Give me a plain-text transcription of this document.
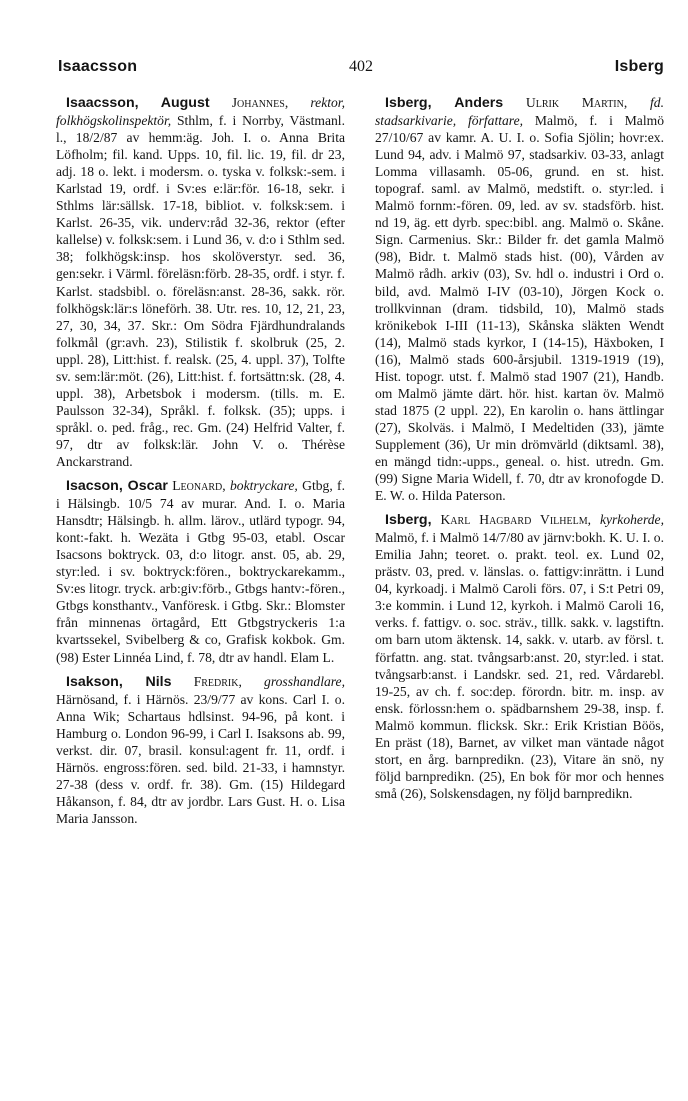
Isaacsson	402	Isberg

Isaacsson, August Johannes, rektor, folkhögskolinspektör, Sthlm, f. i Norrby, Västmanl. l., 18/2/87 av hemm:äg. Joh. I. o. Anna Brita Löfholm; fil. kand. Upps. 10, fil. lic. 19, fil. dr 23, adj. 18 o. lekt. i modersm. o. tyska v. folksk:-sem. i Karlstad 19, ordf. i Sv:es e:lär:för. 16-18, sekr. i Sthlms lär:sällsk. 17-18, bibliot. v. folksk:sem. i Karlst. 26-35, vik. underv:råd 32-36, rektor (efter kallelse) v. folksk:sem. i Lund 36, v. d:o i Sthlm sed. 38; folkhögsk:insp. hos skolöverstyr. sed. 36, gen:sekr. i Värml. föreläsn:förb. 28-35, ordf. i styr. f. Karlst. stadsbibl. o. föreläsn:anst. 28-36, sakk. rör. folkhögsk:lär:s löneförh. 38. Utr. res. 10, 12, 21, 23, 27, 30, 34, 37. Skr.: Om Södra Fjärdhundralands folkmål (gr:avh. 23), Stilistik f. skolbruk (25, 2. uppl. 28), Litt:hist. f. realsk. (25, 4. uppl. 37), Tolfte sv. sem:lär:möt. (26), Litt:hist. f. fortsättn:sk. (28, 4. uppl. 38), Arbetsbok i modersm. (tills. m. E. Paulsson 32-34), Språkl. f. folksk. (35); upps. i språkl. o. ped. fråg., rec. Gm. (24) Helfrid Valter, f. 97, dtr av folksk:lär. John V. o. Thérèse Anckarstrand.

Isacson, Oscar Leonard, boktryckare, Gtbg, f. i Hälsingb. 10/5 74 av murar. And. I. o. Maria Hansdtr; Hälsingb. h. allm. lärov., utlärd typogr. 94, kont:-fakt. h. Wezäta i Gtbg 95-03, etabl. Oscar Isacsons boktryck. 03, d:o litogr. anst. 05, ab. 29, styr:led. i sv. boktryck:fören., boktryckarekamm., Sv:es litogr. tryck. arb:giv:förb., Gtbgs hantv:-fören., Gtbgs konsthantv., Vanföresk. i Gtbg. Skr.: Blomster från minnenas örtagård, Ett Gtbgstryckeris 1:a kvartssekel, Svibelberg & co, Grafisk kokbok. Gm. (98) Ester Linnéa Lind, f. 78, dtr av handl. Elam L.

Isakson, Nils Fredrik, grosshandlare, Härnösand, f. i Härnös. 23/9/77 av kons. Carl I. o. Anna Wik; Schartaus hdlsinst. 94-96, på kont. i Hamburg o. London 96-99, i Carl I. Isaksons ab. 99, verkst. dir. 07, brasil. konsul:agent fr. 11, ordf. i Härnös. engross:fören. sed. bild. 21-33, i hamnstyr. 27-38 (dess v. ordf. fr. 38). Gm. (15) Hildegard Håkanson, f. 84, dtr av jordbr. Lars Gust. H. o. Lisa Maria Jansson.

Isberg, Anders Ulrik Martin, fd. stadsarkivarie, författare, Malmö, f. i Malmö 27/10/67 av kamr. A. U. I. o. Sofia Sjölin; hovr:ex. Lund 94, adv. i Malmö 97, stadsarkiv. 03-33, anlagt Lomma villasamh. 05-06, grund. en st. hist. topograf. saml. av Malmö, medstift. o. styr:led. i Malmö fornm:-fören. 09, led. av sv. stadsförb. hist. nd 19, äg. ett dyrb. spec:bibl. ang. Malmö o. Skåne. Sign. Carmenius. Skr.: Bilder fr. det gamla Malmö (98), Bidr. t. Malmö stads hist. (00), Vården av Malmö rådh. arkiv (03), Sv. hdl o. industri i Ord o. bild, avd. Malmö I-IV (03-10), Jörgen Kock o. trollkvinnan (dram. tidsbild, 10), Malmö stads krönikebok I-III (11-13), Skånska släkten Wendt (14), Malmö stads kyrkor, I (14-15), Häxboken, I (16), Malmö stads 600-årsjubil. 1319-1919 (19), Hist. topogr. utst. f. Malmö stad 1907 (21), Handb. om Malmö jämte därt. hör. hist. kartan öv. Malmö stad 1875 (2 uppl. 22), En karolin o. hans ättlingar (27), Skolväs. i Malmö, I Medeltiden (33), jämte Supplement (36), Ur min drömvärld (diktsaml. 38), en mängd tidn:-upps., geneal. o. hist. utredn. Gm. (99) Signe Maria Widell, f. 70, dtr av kronofogde D. E. W. o. Hilda Paterson.

Isberg, Karl Hagbard Vilhelm, kyrkoherde, Malmö, f. i Malmö 14/7/80 av järnv:bokh. K. U. I. o. Emilia Jahn; teoret. o. prakt. teol. ex. Lund 02, prästv. 03, pred. v. länslas. o. fattigv:inrättn. i Lund 04, kyrkoadj. i Malmö Caroli förs. 07, i S:t Petri 09, 3:e kommin. i Lund 12, kyrkoh. i Malmö Caroli 16, verks. f. fattigv. o. soc. sträv., tillk. sakk. v. lagstiftn. om barn utom äktensk. 14, sakk. v. utarb. av försl. t. författn. ang. stat. tvångsarb:anst. 20, styr:led. i stat. tvångsarb:anst. i Landskr. sed. 21, red. Vårdarebl. 19-25, av ch. f. soc:dep. förordn. bitr. m. insp. av ensk. förlossn:hem o. spädbarnshem 29-38, insp. f. Malmö kommun. flicksk. Skr.: Erik Kristian Böös, En präst (18), Barnet, av vilket man väntade något stort, en årg. barnpredikn. (23), Vitare än snö, ny följd barnpredikn. (25), En bok för mor och hennes små (26), Solskensdagen, ny följd barnpredikn.
